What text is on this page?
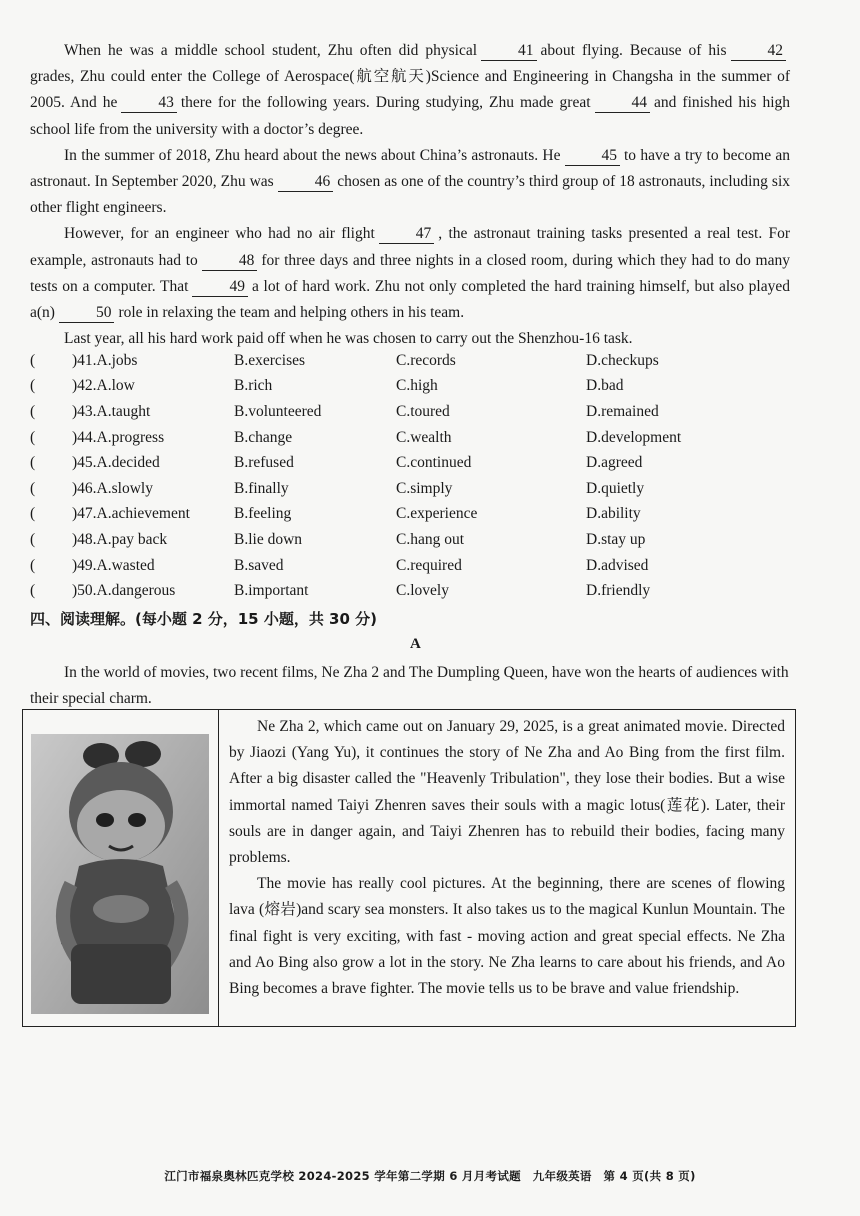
When he was a middle school student, Zhu often did physical	41 about flying. Because of his	42grades, Zhu could enter the College of Aerospace(航空航天)Science and Engineering in Changsha in the summer of 2005. And he	43 there for the following years. During studying, Zhu made great	44 and finished his high school life from the university with a doctor’s degree.

In the summer of 2018, Zhu heard about the news about China’s astronauts. He	45 to have a try to become an astronaut. In September 2020, Zhu was	46 chosen as one of the country’s third group of 18 astronauts, including six other flight engineers.

However, for an engineer who had no air flight	47 , the astronaut training tasks presented a real test. For example, astronauts had to	48 for three days and three nights in a closed room, during which they had to do many tests on a computer. That	49 a lot of hard work. Zhu not only completed the hard training himself, but also played a(n)	50 role in relaxing the team and helping others in his team.

Last year, all his hard work paid off when he was chosen to carry out the Shenzhou-16 task.

(	)41.A.jobs	B.exercises	C.records	D.checkups
(	)42.A.low	B.rich	C.high	D.bad
(	)43.A.taught	B.volunteered	C.toured	D.remained
(	)44.A.progress	B.change	C.wealth	D.development
(	)45.A.decided	B.refused	C.continued	D.agreed
(	)46.A.slowly	B.finally	C.simply	D.quietly
(	)47.A.achievement	B.feeling	C.experience	D.ability
(	)48.A.pay back	B.lie down	C.hang out	D.stay up
(	)49.A.wasted	B.saved	C.required	D.advised
(	)50.A.dangerous	B.important	C.lovely	D.friendly
四、阅读理解。(每小题 2 分，15 小题，共 30 分)
A

In the world of movies, two recent films, Ne Zha 2 and The Dumpling Queen, have won the hearts of audiences with their special charm.

Ne Zha 2, which came out on January 29, 2025, is a great animated movie. Directed by Jiaozi (Yang Yu), it continues the story of Ne Zha and Ao Bing from the first film. After a big disaster called the "Heavenly Tribulation", they lose their bodies. But a wise immortal named Taiyi Zhenren saves their souls with a magic lotus(莲花). Later, their souls are in danger again, and Taiyi Zhenren has to rebuild their bodies, facing many problems.

The movie has really cool pictures. At the beginning, there are scenes of flowing lava (熔岩)and scary sea monsters. It also takes us to the magical Kunlun Mountain. The final fight is very exciting, with fast - moving action and great special effects. Ne Zha and Ao Bing also grow a lot in the story. Ne Zha learns to care about his friends, and Ao Bing becomes a brave fighter. The movie tells us to be brave and value friendship.

江门市福泉奥林匹克学校 2024-2025 学年第二学期 6 月月考试题　九年级英语　第 4 页(共 8 页)
